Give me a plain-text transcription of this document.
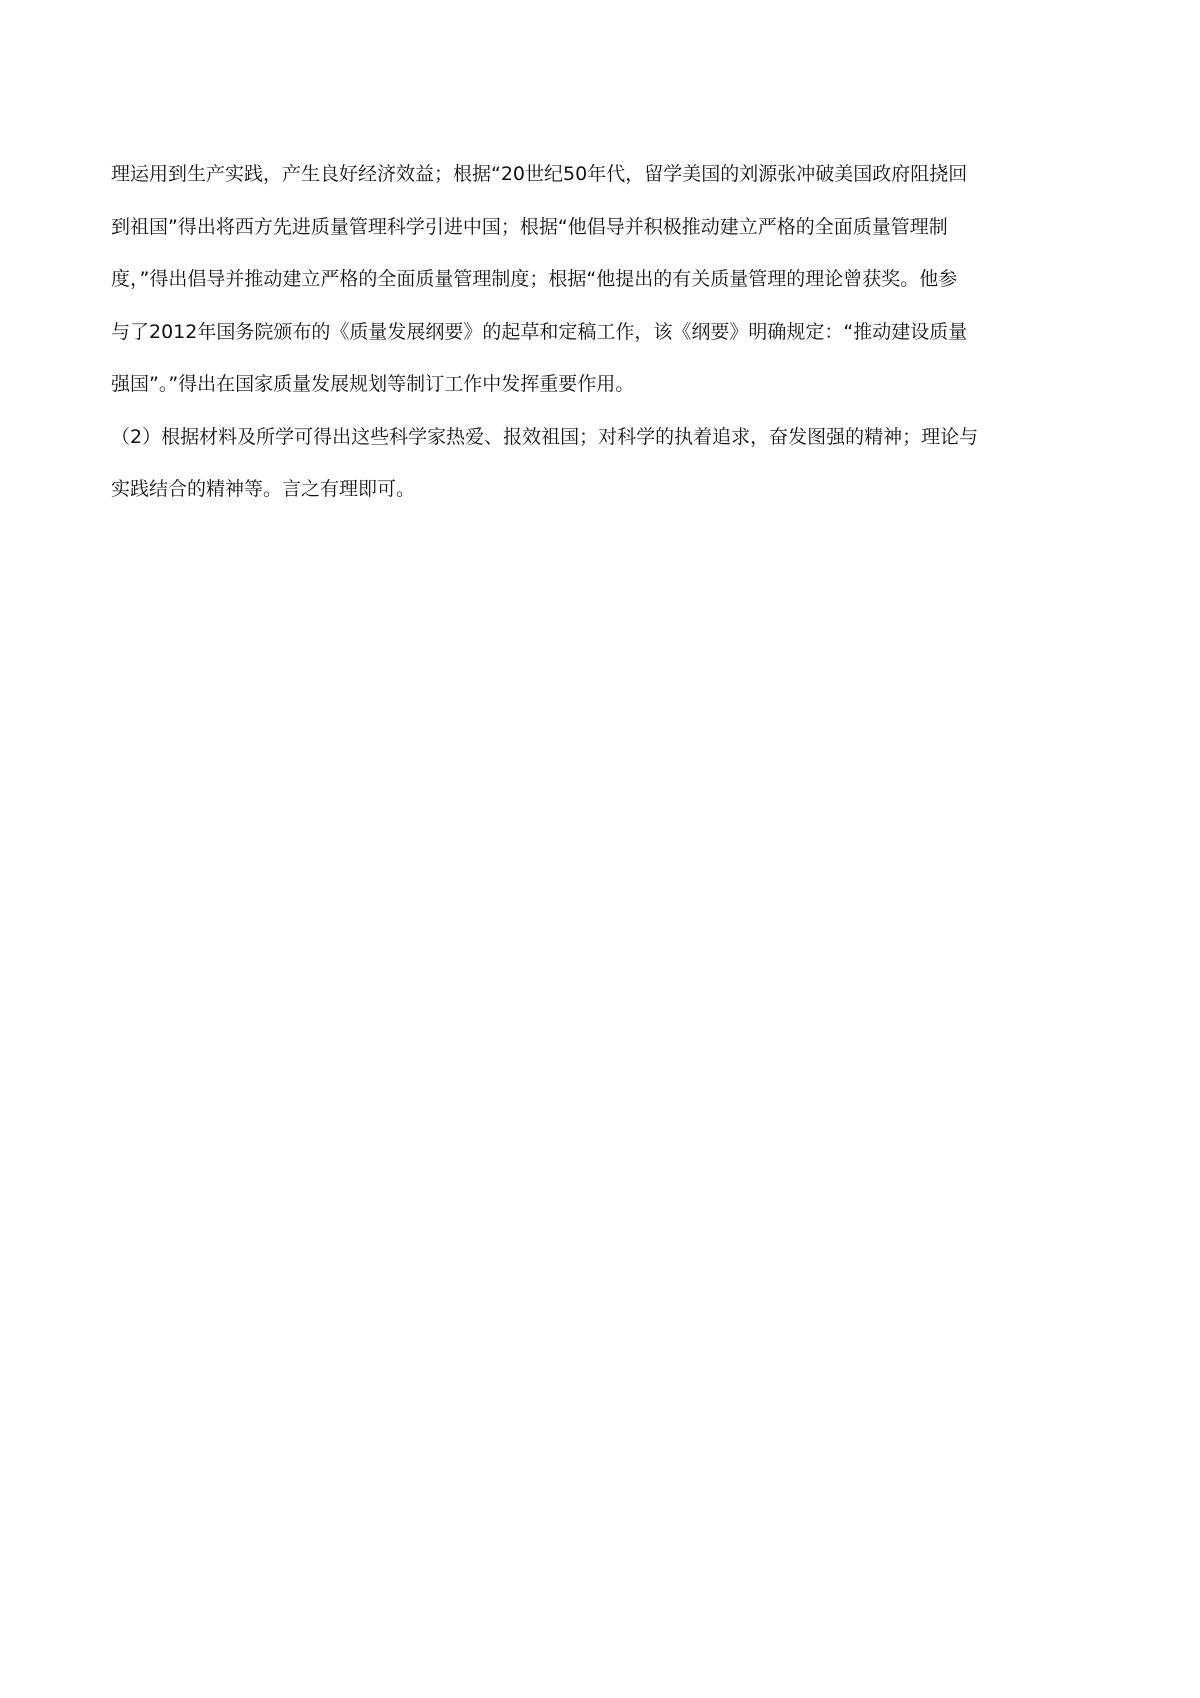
理运用到生产实践，产生良好经济效益；根据“20世纪50年代，留学美国的刘源张冲破美国政府阻挠回
到祖国”得出将西方先进质量管理科学引进中国；根据“他倡导并积极推动建立严格的全面质量管理制
度，”得出倡导并推动建立严格的全面质量管理制度；根据“他提出的有关质量管理的理论曾获奖。他参
与了2012年国务院颁布的《质量发展纲要》的起草和定稿工作，该《纲要》明确规定：“推动建设质量
强国”。”得出在国家质量发展规划等制订工作中发挥重要作用。
（2）根据材料及所学可得出这些科学家热爱、报效祖国；对科学的执着追求，奋发图强的精神；理论与
实践结合的精神等。言之有理即可。
